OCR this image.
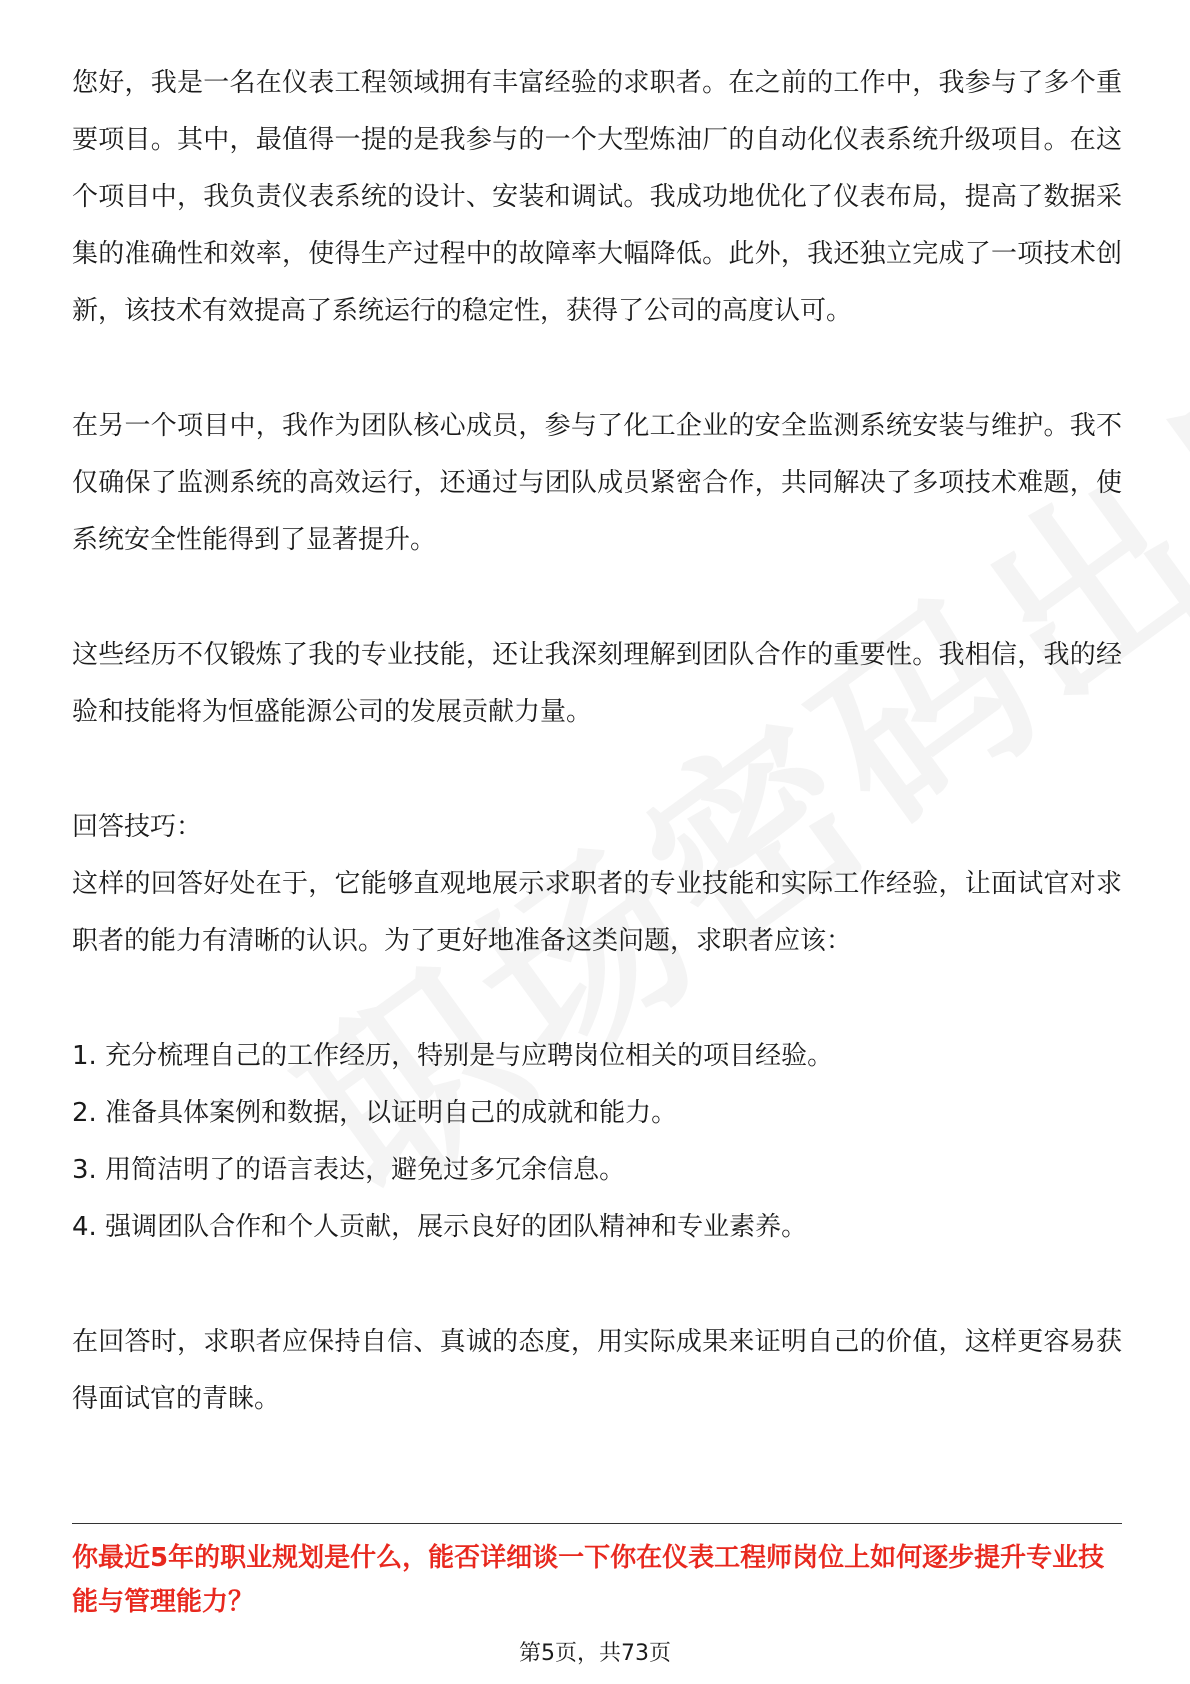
您好，我是一名在仪表工程领域拥有丰富经验的求职者。在之前的工作中，我参与了多个重要项目。其中，最值得一提的是我参与的一个大型炼油厂的自动化仪表系统升级项目。在这个项目中，我负责仪表系统的设计、安装和调试。我成功地优化了仪表布局，提高了数据采集的准确性和效率，使得生产过程中的故障率大幅降低。此外，我还独立完成了一项技术创新，该技术有效提高了系统运行的稳定性，获得了公司的高度认可。

在另一个项目中，我作为团队核心成员，参与了化工企业的安全监测系统安装与维护。我不仅确保了监测系统的高效运行，还通过与团队成员紧密合作，共同解决了多项技术难题，使系统安全性能得到了显著提升。

这些经历不仅锻炼了我的专业技能，还让我深刻理解到团队合作的重要性。我相信，我的经验和技能将为恒盛能源公司的发展贡献力量。

回答技巧：

这样的回答好处在于，它能够直观地展示求职者的专业技能和实际工作经验，让面试官对求职者的能力有清晰的认识。为了更好地准备这类问题，求职者应该：

1. 充分梳理自己的工作经历，特别是与应聘岗位相关的项目经验。

2. 准备具体案例和数据，以证明自己的成就和能力。

3. 用简洁明了的语言表达，避免过多冗余信息。

4. 强调团队合作和个人贡献，展示良好的团队精神和专业素养。

在回答时，求职者应保持自信、真诚的态度，用实际成果来证明自己的价值，这样更容易获得面试官的青睐。

你最近5年的职业规划是什么，能否详细谈一下你在仪表工程师岗位上如何逐步提升专业技能与管理能力？

第5页，共73页
